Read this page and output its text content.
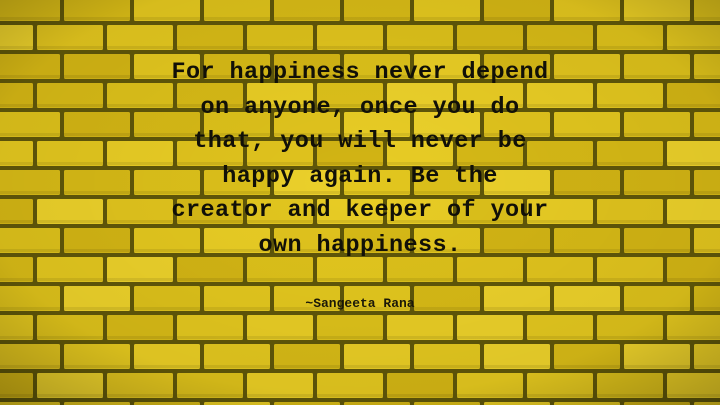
For happiness never depend
on anyone, once you do
that, you will never be
happy again. Be the
creator and keeper of your
own happiness.
~Sangeeta Rana
